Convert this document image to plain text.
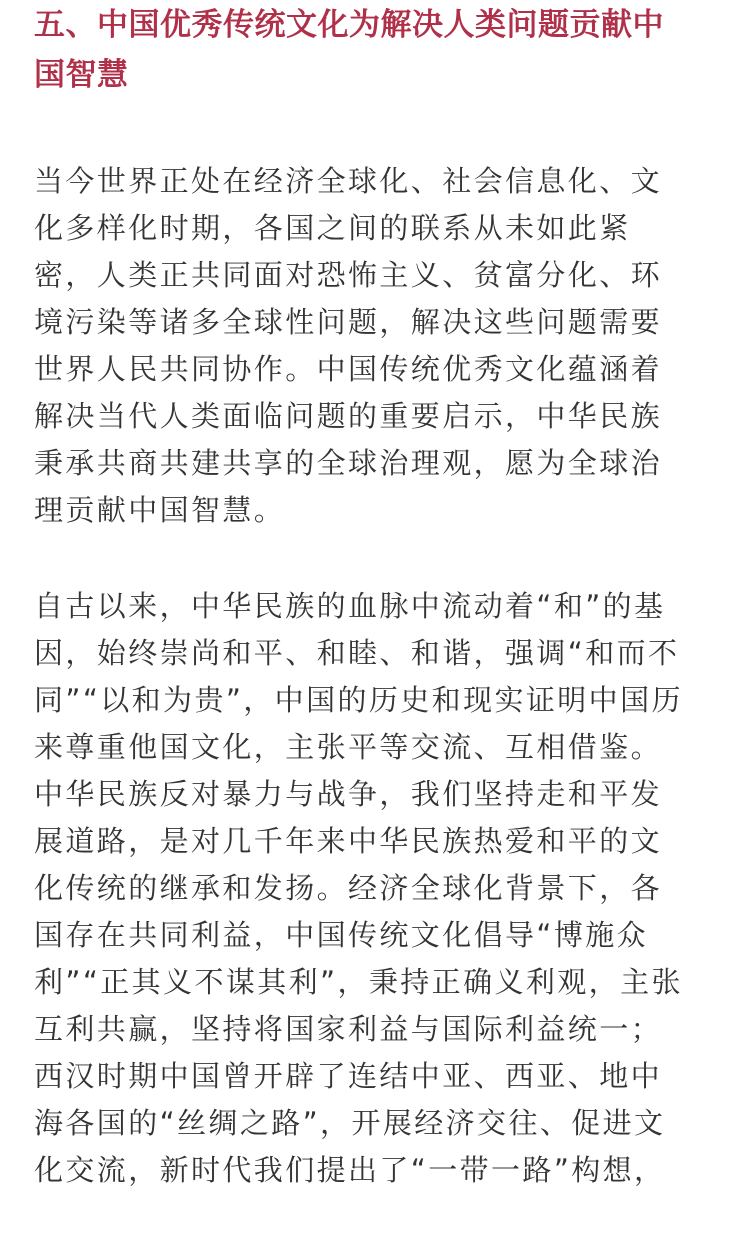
五、中国优秀传统文化为解决人类问题贡献中
国智慧

当今世界正处在经济全球化、社会信息化、文
化多样化时期，各国之间的联系从未如此紧
密，人类正共同面对恐怖主义、贫富分化、环
境污染等诸多全球性问题，解决这些问题需要
世界人民共同协作。中国传统优秀文化蕴涵着
解决当代人类面临问题的重要启示，中华民族
秉承共商共建共享的全球治理观，愿为全球治
理贡献中国智慧。

自古以来，中华民族的血脉中流动着“和”的基
因，始终崇尚和平、和睦、和谐，强调“和而不
同”“以和为贵”，中国的历史和现实证明中国历
来尊重他国文化，主张平等交流、互相借鉴。
中华民族反对暴力与战争，我们坚持走和平发
展道路，是对几千年来中华民族热爱和平的文
化传统的继承和发扬。经济全球化背景下，各
国存在共同利益，中国传统文化倡导“博施众
利”“正其义不谋其利”，秉持正确义利观，主张
互利共赢，坚持将国家利益与国际利益统一；
西汉时期中国曾开辟了连结中亚、西亚、地中
海各国的“丝绸之路”，开展经济交往、促进文
化交流，新时代我们提出了“一带一路”构想，
